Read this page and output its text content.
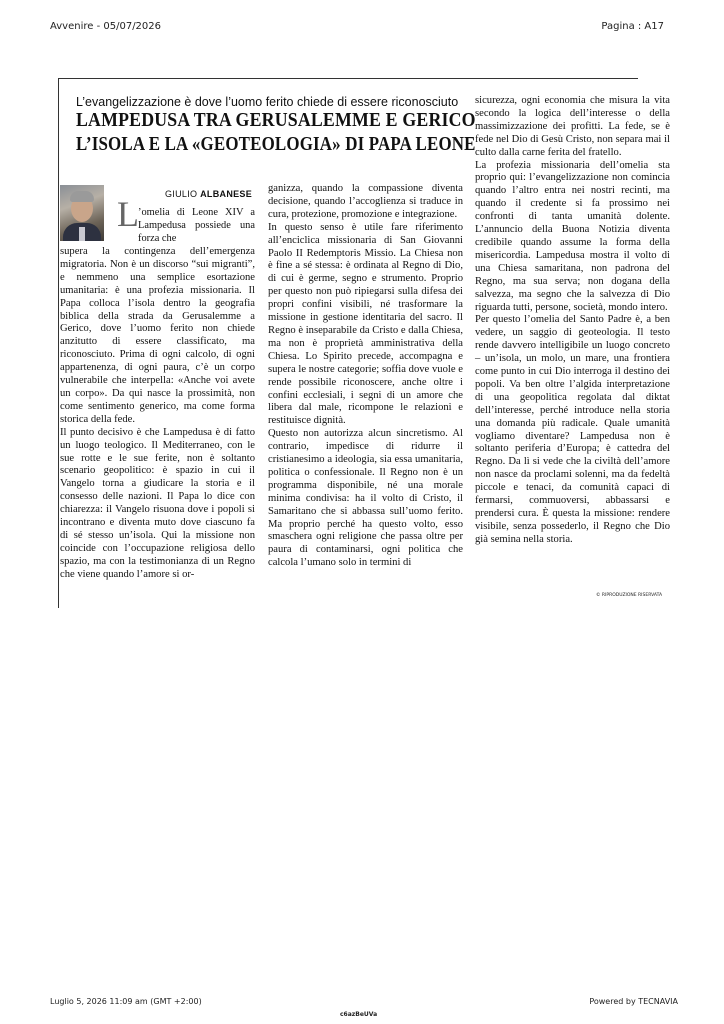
Avvenire - 05/07/2026	Pagina : A17
L’evangelizzazione è dove l’uomo ferito chiede di essere riconosciuto
LAMPEDUSA TRA GERUSALEMME E GERICO
L’ISOLA E LA «GEOTEOLOGIA» DI PAPA LEONE
GIULIO ALBANESE
L ’omelia di Leone XIV a Lampedusa possiede una forza che

supera la contingenza dell’emergenza migratoria. Non è un discorso “sui migranti”, e nemmeno una semplice esortazione umanitaria: è una profezia missionaria. Il Papa colloca l’isola dentro la geografia biblica della strada da Gerusalemme a Gerico, dove l’uomo ferito non chiede anzitutto di essere classificato, ma riconosciuto. Prima di ogni calcolo, di ogni appartenenza, di ogni paura, c’è un corpo vulnerabile che interpella: «Anche voi avete un corpo». Da qui nasce la prossimità, non come sentimento generico, ma come forma storica della fede.

Il punto decisivo è che Lampedusa è di fatto un luogo teologico. Il Mediterraneo, con le sue rotte e le sue ferite, non è soltanto scenario geopolitico: è spazio in cui il Vangelo torna a giudicare la storia e il consesso delle nazioni. Il Papa lo dice con chiarezza: il Vangelo risuona dove i popoli si incontrano e diventa muto dove ciascuno fa di sé stesso un’isola. Qui la missione non coincide con l’occupazione religiosa dello spazio, ma con la testimonianza di un Regno che viene quando l’amore si or-

ganizza, quando la compassione diventa decisione, quando l’accoglienza si traduce in cura, protezione, promozione e integrazione.

In questo senso è utile fare riferimento all’enciclica missionaria di San Giovanni Paolo II Redemptoris Missio. La Chiesa non è fine a sé stessa: è ordinata al Regno di Dio, di cui è germe, segno e strumento. Proprio per questo non può ripiegarsi sulla difesa dei propri confini visibili, né trasformare la missione in gestione identitaria del sacro. Il Regno è inseparabile da Cristo e dalla Chiesa, ma non è proprietà amministrativa della Chiesa. Lo Spirito precede, accompagna e supera le nostre categorie; soffia dove vuole e rende possibile riconoscere, anche oltre i confini ecclesiali, i segni di un amore che libera dal male, ricompone le relazioni e restituisce dignità.

Questo non autorizza alcun sincretismo. Al contrario, impedisce di ridurre il cristianesimo a ideologia, sia essa umanitaria, politica o confessionale. Il Regno non è un programma disponibile, né una morale minima condivisa: ha il volto di Cristo, il Samaritano che si abbassa sull’uomo ferito. Ma proprio perché ha questo volto, esso smaschera ogni religione che passa oltre per paura di contaminarsi, ogni politica che calcola l’umano solo in termini di

sicurezza, ogni economia che misura la vita secondo la logica dell’interesse o della massimizzazione dei profitti. La fede, se è fede nel Dio di Gesù Cristo, non separa mai il culto dalla carne ferita del fratello.

La profezia missionaria dell’omelia sta proprio qui: l’evangelizzazione non comincia quando l’altro entra nei nostri recinti, ma quando il credente si fa prossimo nei confronti di tanta umanità dolente. L’annuncio della Buona Notizia diventa credibile quando assume la forma della misericordia. Lampedusa mostra il volto di una Chiesa samaritana, non padrona del Regno, ma sua serva; non dogana della salvezza, ma segno che la salvezza di Dio riguarda tutti, persone, società, mondo intero.

Per questo l’omelia del Santo Padre è, a ben vedere, un saggio di geoteologia. Il testo rende davvero intelligibile un luogo concreto – un’isola, un molo, un mare, una frontiera come punto in cui Dio interroga il destino dei popoli. Va ben oltre l’algida interpretazione di una geopolitica regolata dal diktat dell’interesse, perché introduce nella storia una domanda più radicale. Quale umanità vogliamo diventare? Lampedusa non è soltanto periferia d’Europa; è cattedra del Regno. Da lì si vede che la civiltà dell’amore non nasce da proclami solenni, ma da fedeltà piccole e tenaci, da comunità capaci di fermarsi, commuoversi, abbassarsi e prendersi cura. È questa la missione: rendere visibile, senza possederlo, il Regno che Dio già semina nella storia.

© RIPRODUZIONE RISERVATA
Luglio 5, 2026 11:09 am (GMT +2:00)	Powered by TECNAVIA
c6azBeUVa
